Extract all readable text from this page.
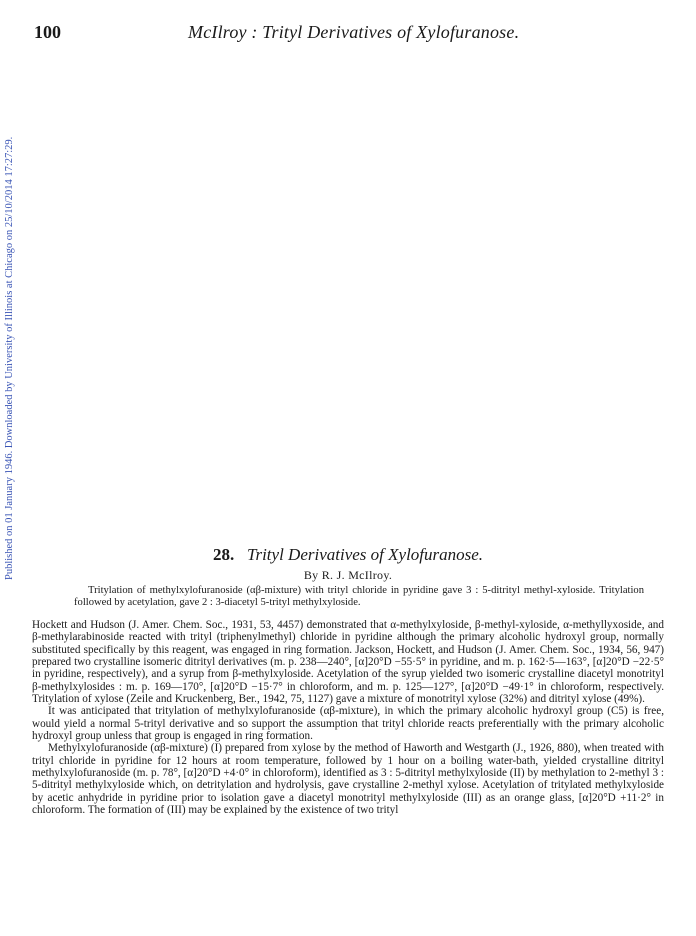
100	McIlroy : Trityl Derivatives of Xylofuranose.
Published on 01 January 1946. Downloaded by University of Illinois at Chicago on 25/10/2014 17:27:29.	28. Trityl Derivatives of Xylofuranose.
By R. J. McIlroy.

Tritylation of methylxylofuranoside (αβ-mixture) with trityl chloride in pyridine gave 3 : 5-ditrityl methyl-xyloside. Tritylation followed by acetylation, gave 2 : 3-diacetyl 5-trityl methylxyloside.

Hockett and Hudson (J. Amer. Chem. Soc., 1931, 53, 4457) demonstrated that α-methylxyloside, β-methyl-xyloside, α-methyllyxoside, and β-methylarabinoside reacted with trityl (triphenylmethyl) chloride in pyridine although the primary alcoholic hydroxyl group, normally substituted specifically by this reagent, was engaged in ring formation. Jackson, Hockett, and Hudson (J. Amer. Chem. Soc., 1934, 56, 947) prepared two crystalline isomeric ditrityl derivatives (m. p. 238—240°, [α]20°D −55·5° in pyridine, and m. p. 162·5—163°, [α]20°D −22·5° in pyridine, respectively), and a syrup from β-methylxyloside. Acetylation of the syrup yielded two isomeric crystalline diacetyl monotrityl β-methylxylosides : m. p. 169—170°, [α]20°D −15·7° in chloroform, and m. p. 125—127°, [α]20°D −49·1° in chloroform, respectively. Tritylation of xylose (Zeile and Kruckenberg, Ber., 1942, 75, 1127) gave a mixture of monotrityl xylose (32%) and ditrityl xylose (49%).

It was anticipated that tritylation of methylxylofuranoside (αβ-mixture), in which the primary alcoholic hydroxyl group (C5) is free, would yield a normal 5-trityl derivative and so support the assumption that trityl chloride reacts preferentially with the primary alcoholic hydroxyl group unless that group is engaged in ring formation.

Methylxylofuranoside (αβ-mixture) (I) prepared from xylose by the method of Haworth and Westgarth (J., 1926, 880), when treated with trityl chloride in pyridine for 12 hours at room temperature, followed by 1 hour on a boiling water-bath, yielded crystalline ditrityl methylxylofuranoside (m. p. 78°, [α]20°D +4·0° in chloroform), identified as 3 : 5-ditrityl methylxyloside (II) by methylation to 2-methyl 3 : 5-ditrityl methylxyloside which, on detritylation and hydrolysis, gave crystalline 2-methyl xylose. Acetylation of tritylated methylxyloside by acetic anhydride in pyridine prior to isolation gave a diacetyl monotrityl methylxyloside (III) as an orange glass, [α]20°D +11·2° in chloroform. The formation of (III) may be explained by the existence of two trityl
